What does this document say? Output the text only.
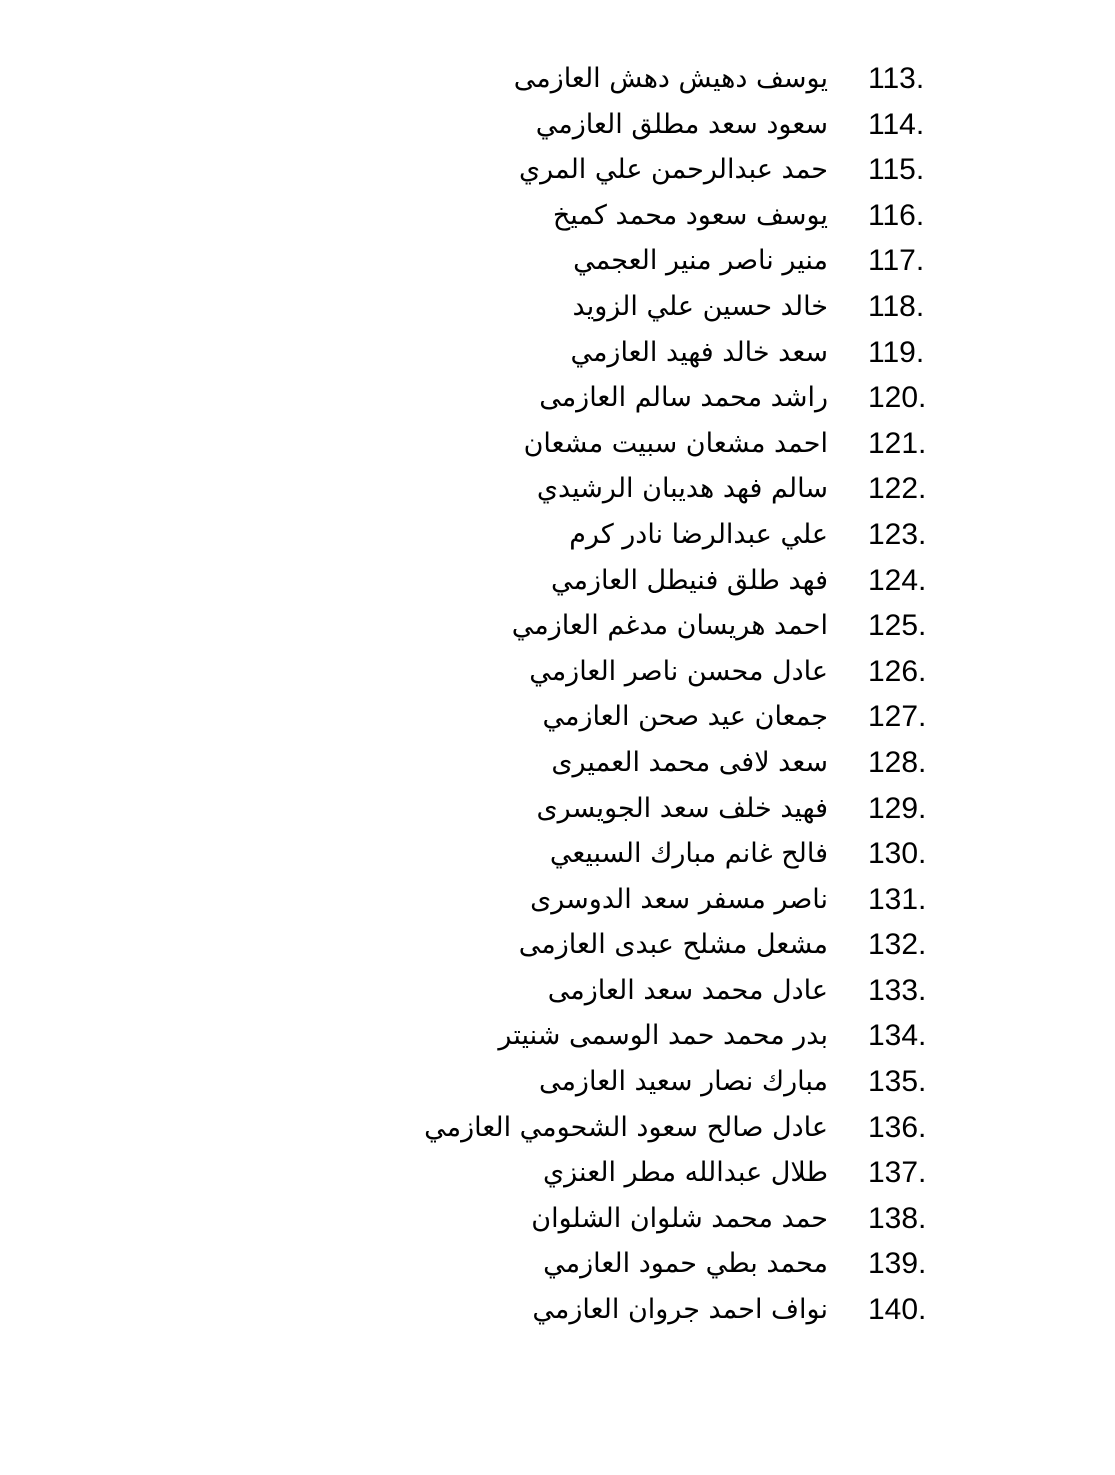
113.
يوسف دهيش دهش العازمى
114.
سعود سعد مطلق العازمي
115.
حمد عبدالرحمن علي المري
116.
يوسف سعود محمد كميخ
117.
منير ناصر منير العجمي
118.
خالد حسين علي الزويد
119.
سعد خالد فهيد العازمي
120.
راشد محمد سالم العازمى
121.
احمد مشعان سبيت مشعان
122.
سالم فهد هديبان الرشيدي
123.
علي عبدالرضا نادر كرم
124.
فهد طلق فنيطل العازمي
125.
احمد هريسان مدغم العازمي
126.
عادل محسن ناصر العازمي
127.
جمعان عيد صحن العازمي
128.
سعد لافى محمد العميرى
129.
فهيد خلف سعد الجويسرى
130.
فالح غانم مبارك السبيعي
131.
ناصر مسفر سعد الدوسرى
132.
مشعل مشلح عبدى العازمى
133.
عادل محمد سعد العازمى
134.
بدر محمد حمد الوسمى شنيتر
135.
مبارك نصار سعيد العازمى
136.
عادل صالح سعود الشحومي العازمي
137.
طلال عبدالله مطر العنزي
138.
حمد محمد شلوان الشلوان
139.
محمد بطي حمود العازمي
140.
نواف احمد جروان العازمي
